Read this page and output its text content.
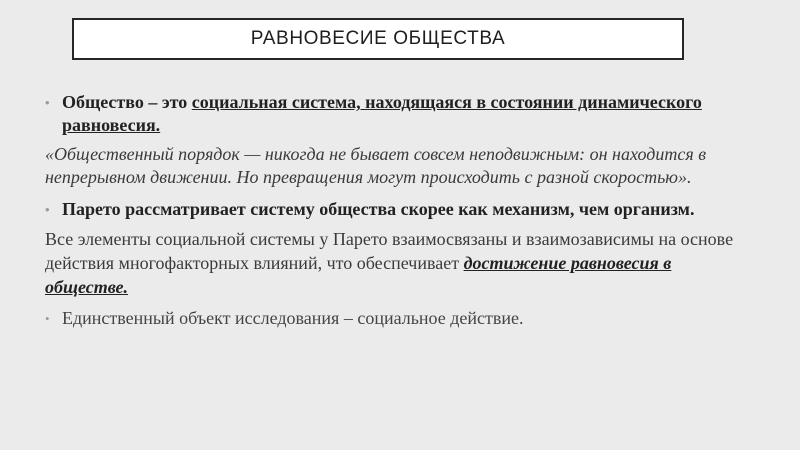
РАВНОВЕСИЕ ОБЩЕСТВА
• Общество – это социальная система, находящаяся в состоянии динамического равновесия.
«Общественный порядок — никогда не бывает совсем неподвижным: он находится в непрерывном движении. Но превращения могут происходить с разной скоростью».
• Парето рассматривает систему общества скорее как механизм, чем организм.
Все элементы социальной системы у Парето взаимосвязаны и взаимозависимы на основе действия многофакторных влияний, что обеспечивает достижение равновесия в обществе.
• Единственный объект исследования – социальное действие.
